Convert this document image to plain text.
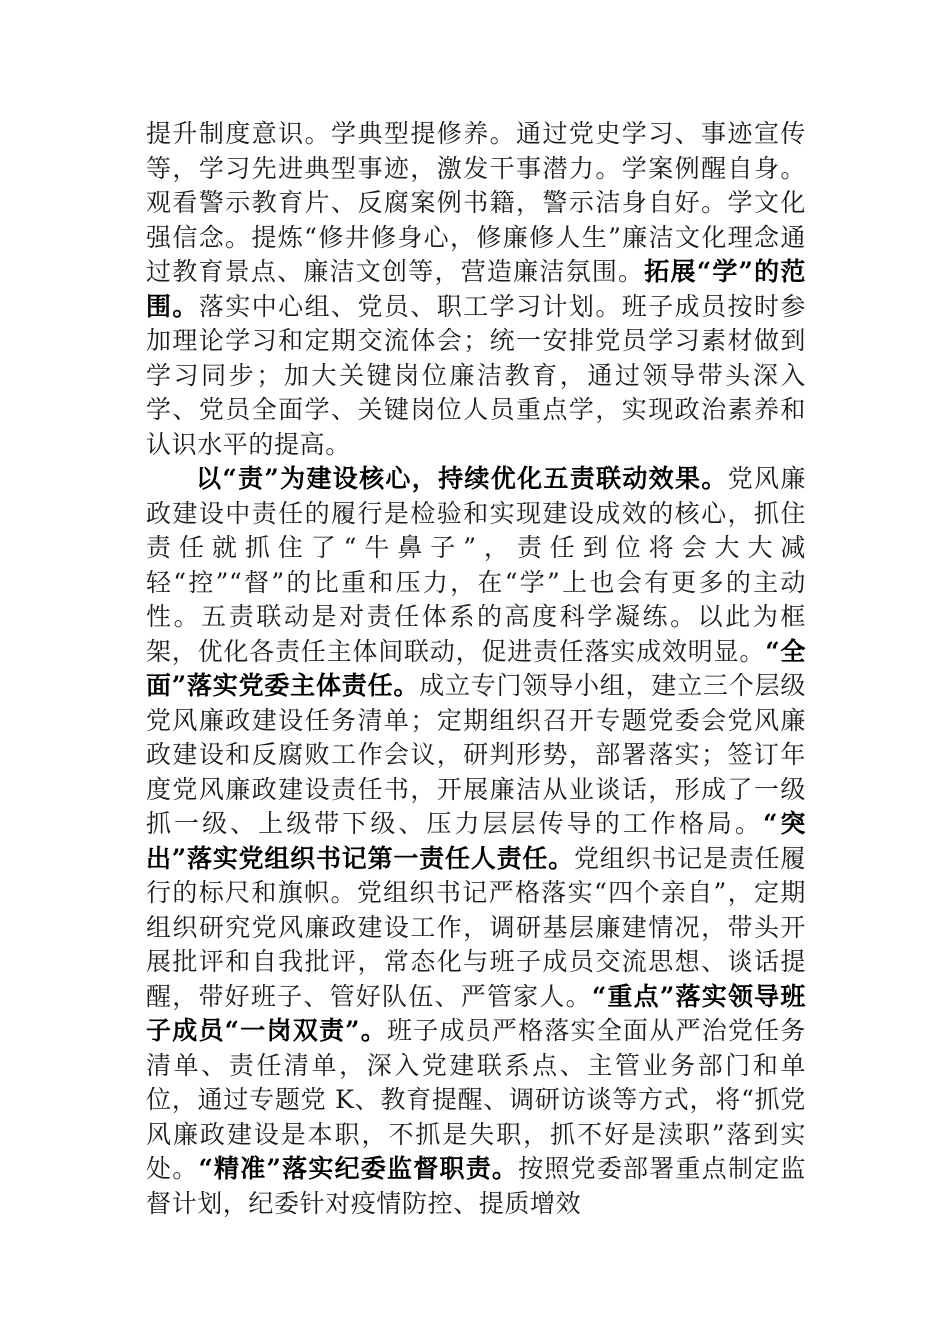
提升制度意识。学典型提修养。通过党史学习、事迹宣传等，学习先进典型事迹，激发干事潜力。学案例醒自身。观看警示教育片、反腐案例书籍，警示洁身自好。学文化强信念。提炼“修井修身心，修廉修人生”廉洁文化理念通过教育景点、廉洁文创等，营造廉洁氛围。拓展“学”的范围。落实中心组、党员、职工学习计划。班子成员按时参加理论学习和定期交流体会；统一安排党员学习素材做到学习同步；加大关键岗位廉洁教育，通过领导带头深入学、党员全面学、关键岗位人员重点学，实现政治素养和认识水平的提高。

以“责”为建设核心，持续优化五责联动效果。党风廉政建设中责任的履行是检验和实现建设成效的核心，抓住责任就抓住了“牛鼻子”，责任到位将会大大减轻“控”“督”的比重和压力，在“学”上也会有更多的主动性。五责联动是对责任体系的高度科学凝练。以此为框架，优化各责任主体间联动，促进责任落实成效明显。“全面”落实党委主体责任。成立专门领导小组，建立三个层级党风廉政建设任务清单；定期组织召开专题党委会党风廉政建设和反腐败工作会议，研判形势，部署落实；签订年度党风廉政建设责任书，开展廉洁从业谈话，形成了一级抓一级、上级带下级、压力层层传导的工作格局。“突出”落实党组织书记第一责任人责任。党组织书记是责任履行的标尺和旗帜。党组织书记严格落实“四个亲自”，定期组织研究党风廉政建设工作，调研基层廉建情况，带头开展批评和自我批评，常态化与班子成员交流思想、谈话提醒，带好班子、管好队伍、严管家人。“重点”落实领导班子成员“一岗双责”。班子成员严格落实全面从严治党任务清单、责任清单，深入党建联系点、主管业务部门和单位，通过专题党 K、教育提醒、调研访谈等方式，将“抓党风廉政建设是本职，不抓是失职，抓不好是渎职”落到实处。“精准”落实纪委监督职责。按照党委部署重点制定监督计划，纪委针对疫情防控、提质增效
